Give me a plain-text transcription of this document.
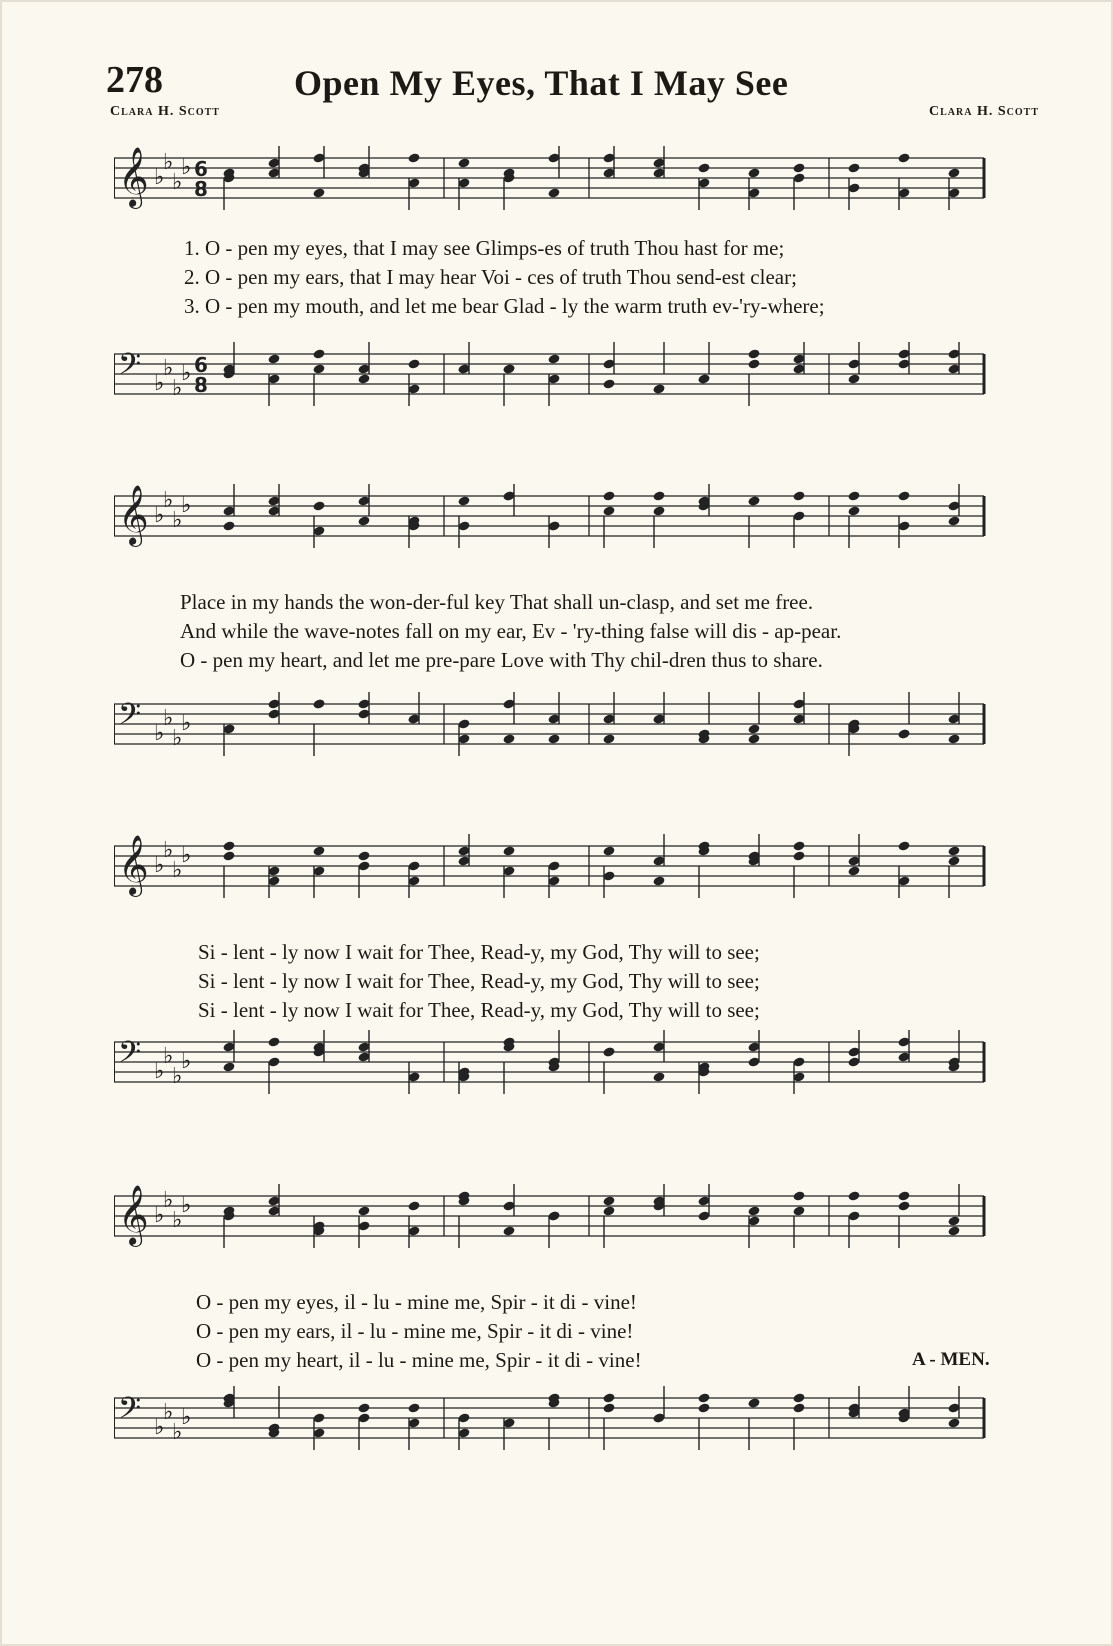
278	Open My Eyes, That I May See
Clara H. Scott	Clara H. Scott
𝄞 ♭
♭
♭
♭ 6
8
1. O - pen my eyes, that I may see Glimps-es of truth Thou hast for me;
2. O - pen my ears, that I may hear Voi - ces of truth Thou send-est clear;
3. O - pen my mouth, and let me bear Glad - ly the warm truth ev-'ry-where;
𝄢 ♭
♭
♭
♭ 6
8
𝄞 ♭
♭
♭
♭
Place in my hands the won-der-ful key That shall un-clasp, and set me free.
And while the wave-notes fall on my ear, Ev - 'ry-thing false will dis - ap-pear.
O - pen my heart, and let me pre-pare Love with Thy chil-dren thus to share.
𝄢 ♭
♭
♭
♭
𝄞 ♭
♭
♭
♭
Si - lent - ly now I wait for Thee, Read-y, my God, Thy will to see;
Si - lent - ly now I wait for Thee, Read-y, my God, Thy will to see;
Si - lent - ly now I wait for Thee, Read-y, my God, Thy will to see;
𝄢 ♭
♭
♭
♭
𝄞 ♭
♭
♭
♭
O - pen my eyes, il - lu - mine me, Spir - it di - vine!
O - pen my ears, il - lu - mine me, Spir - it di - vine!
O - pen my heart, il - lu - mine me, Spir - it di - vine!	A - MEN.
𝄢 ♭
♭
♭
♭
